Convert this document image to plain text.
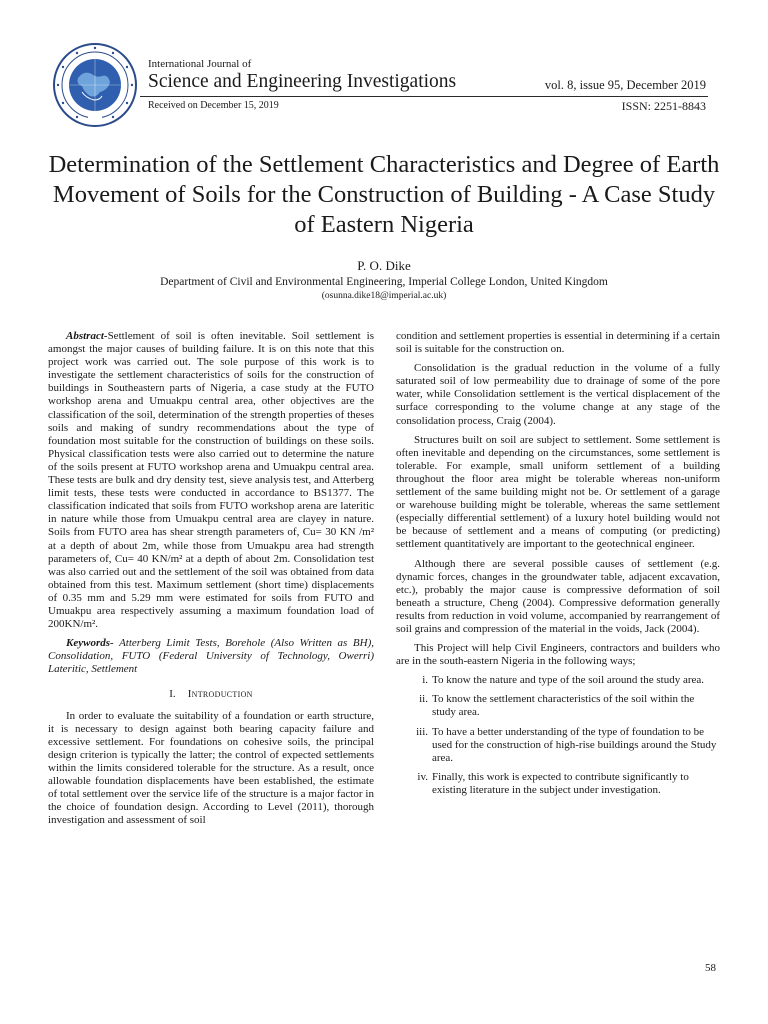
International Journal of
Science and Engineering Investigations	vol. 8, issue 95, December 2019
Received on December 15, 2019	ISSN: 2251-8843
Determination of the Settlement Characteristics and Degree of Earth Movement of Soils for the Construction of Building - A Case Study of Eastern Nigeria
P. O. Dike
Department of Civil and Environmental Engineering, Imperial College London, United Kingdom
(osunna.dike18@imperial.ac.uk)

Abstract-Settlement of soil is often inevitable. Soil settlement is amongst the major causes of building failure. It is on this note that this project work was carried out. The sole purpose of this work is to investigate the settlement characteristics of soils for the construction of buildings in Southeastern parts of Nigeria, a case study at the FUTO workshop arena and Umuakpu central area, other objectives are the classification of the soil, determination of the strength properties of theses soils and making of sundry recommendations about the type of foundation most suitable for the construction of buildings on these soils. Physical classification tests were also carried out to determine the nature of the soils present at FUTO workshop arena and Umuakpu central area. These tests are bulk and dry density test, sieve analysis test, and Atterberg limit tests, these tests were conducted in accordance to BS1377. The classification indicated that soils from FUTO workshop arena are lateritic in nature while those from Umuakpu central area are clayey in nature. Soils from FUTO area has shear strength parameters of, Cu= 30 KN /m² at a depth of about 2m, while those from Umuakpu area had strength parameters of, Cu= 40 KN/m² at a depth of about 2m. Consolidation test was also carried out and the settlement of the soil was obtained from data obtained from this test. Maximum settlement (short time) displacements of 0.35 mm and 5.29 mm were estimated for soils from FUTO and Umuakpu area respectively assuming a maximum foundation load of 200KN/m².

Keywords- Atterberg Limit Tests, Borehole (Also Written as BH), Consolidation, FUTO (Federal University of Technology, Owerri) Lateritic, Settlement

I. Introduction

In order to evaluate the suitability of a foundation or earth structure, it is necessary to design against both bearing capacity failure and excessive settlement. For foundations on cohesive soils, the principal design criterion is typically the latter; the control of expected settlements within the limits considered tolerable for the structure. As a result, once allowable foundation displacements have been established, the estimate of total settlement over the service life of the structure is a major factor in the choice of foundation design. According to Level (2011), thorough investigation and assessment of soil

condition and settlement properties is essential in determining if a certain soil is suitable for the construction on.

Consolidation is the gradual reduction in the volume of a fully saturated soil of low permeability due to drainage of some of the pore water, while Consolidation settlement is the vertical displacement of the surface corresponding to the volume change at any stage of the consolidation process, Craig (2004).

Structures built on soil are subject to settlement. Some settlement is often inevitable and depending on the circumstances, some settlement is tolerable. For example, small uniform settlement of a building throughout the floor area might be tolerable whereas non-uniform settlement of the same building might not be. Or settlement of a garage or warehouse building might be tolerable, whereas the same settlement (especially differential settlement) of a luxury hotel building would not be because of settlement and a means of computing (or predicting) settlement quantitatively are important to the geotechnical engineer.

Although there are several possible causes of settlement (e.g. dynamic forces, changes in the groundwater table, adjacent excavation, etc.), probably the major cause is compressive deformation of soil beneath a structure, Cheng (2004). Compressive deformation generally results from reduction in void volume, accompanied by rearrangement of soil grains and compression of the material in the voids, Jack (2004).

This Project will help Civil Engineers, contractors and builders who are in the south-eastern Nigeria in the following ways;

i. To know the nature and type of the soil around the study area.
ii. To know the settlement characteristics of the soil within the study area.
iii. To have a better understanding of the type of foundation to be used for the construction of high-rise buildings around the Study area.
iv. Finally, this work is expected to contribute significantly to existing literature in the subject under investigation.
58
